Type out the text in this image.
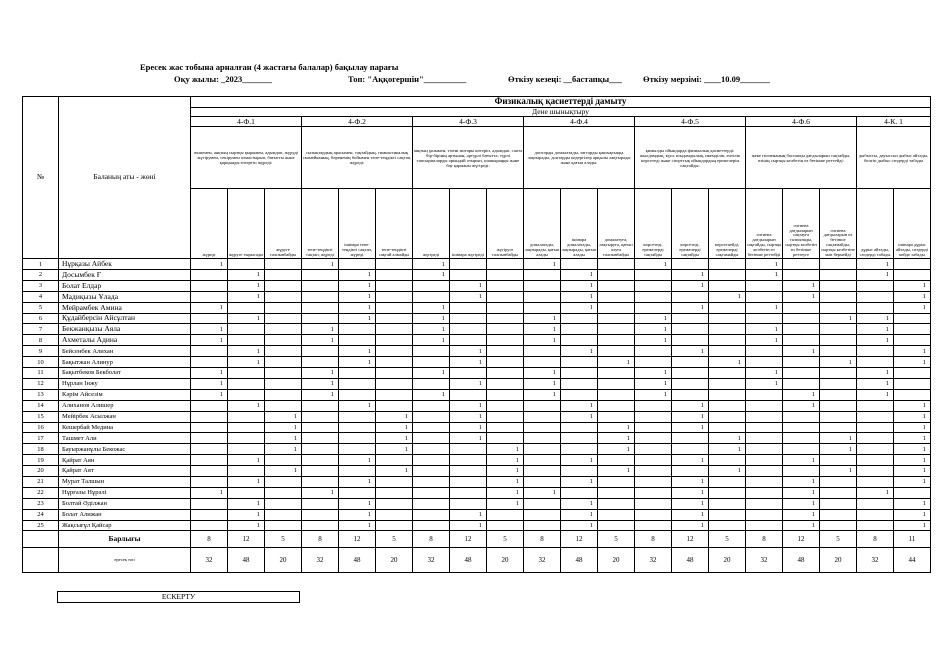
Ересек жас тобына арналған (4 жастағы балалар) бақылау парағы
Оқу жылы: _2023_______	Топ: "Аққогершін"__________	Өткізу кезеңі: __бастапқы___ Өткізу мерзімі: ____10.09_______
№	Баланың аты - жөні	Физикалық қасиеттерді дамыту																			
		Дене шынықтыру																			
		4-Ф.1			4-Ф.2			4-Ф.3			4-Ф.4			4-Ф.5			4-Ф.6			4-К. 1	
		өкшемен, аяқтың сыртқы қырымен, адымдап, жүруді жүгірумен, секірумен алмастырып, бағытты және қарқынды өзгертіп жүреді:			сызықтардың арасымен, тақтайдың, гимнастикалық скамейканың, бөрененің бойымен тепе-теңдікті сақтап, жүреді:			аяқтың ұшымен, тізені жоғары көтеріп, адымдап, сапта бір-бірінің артынан, әртүрлі бағытта, түрлі тапсырмаларды орындай отырып, шашыраңқы және бау қарманы жүгіреді:			доптарды домалатады, заттарды қашықтыққа лақтырады, доптарды кедергілер арқылы лақтырады және қағып алады:			қимылды ойындарда физикалық қасиеттерді: жылдамдық, күш, шыдамдылық, икемділік, ептілік көрсетеді және спорттық ойындардың ережелерін сақтайды:			жеке гигиенаның бастапқы дағдыларын сақтайды, өзінің сыртқы келбетін өз бетінше реттейді:			дыбысты, дауыссыз дыбыс айтады, бөлгіп дыбыс сөздерді табады	
		жүреді	жүруге тырысады	жүруге талпынбайды	тепе-теңдікті сақтап, жүреді	ішінара тепе-теңдікті сақтап, жүреді	тепе-теңдікті сақтай алмайды	жүгіреді	ішінара жүгіреді	жүгіруге талпынбайды	домалатады, лақтырады, қағып алады	ішінара домалатады, лақтырады, қағып алады	домалатуға, лақтыруға, қағып алуға талпынбайды	көрсетеді, ережелерді сақтайды	көрсетеді, ережелерді сақтайды	көрсетпейді, ережелерді сақтамайды	гигиена дағдыларын сақтайды, сыртқы келбетін өз бетінше реттейді	гигиена дағдыларын сақтауға талпынады, сыртқы келбетін өз бетінше реттеуге	гигиена дағдыларын өз бетінше сақтамайды, сыртқы келбетіне мән бермейді	дұрыс айтады, сөздерді табады	ішінара дұрыс айтады, сөздерді кейде табады
1	Нұрқазы Айбек	1			1			1			1			1			1			1	
2	Досымбек Ғ		1			1		1				1			1		1			1	
3	Болат Елдар		1			1			1			1			1			1			1
4	Мадиқызы Ұлада		1			1			1			1				1		1			1
5	Мейрамбек Амина	1				1		1				1			1		1				1
6	Құдайберсін Айсұлтан		1			1		1			1			1					1	1	
7	Бекжанқызы Аяла	1			1			1			1			1			1			1	
8	Ахметалы Адина	1			1			1			1			1			1			1	
9	Бейсенбек Алихан		1			1			1			1			1			1			1
10	Бақытжан Алинур		1			1			1				1			1			1		1
11	Бақытбеков Бекболат	1			1			1			1			1			1			1	
12	Нұрлан Інжу	1			1				1		1			1			1			1	
13	Кәрім Айсезім	1			1			1			1			1				1		1	
14	Алиханов Алишер		1			1			1			1			1			1			1
15	Мейірбек Асылжан			1			1		1			1			1						1
16	Кешербай Медина			1			1		1				1		1						1
17	Ташмет Али			1			1		1				1			1			1		1
18	Бауыржанұлы Бекожас			1			1			1			1			1			1		1
19	Қайрат Аян		1			1				1		1			1			1			1
20	Қайрат Аят			1			1			1			1			1			1		1
21	Мурат Талшын		1			1				1		1			1			1			1
22	Нұрғазы Нұрәлі	1			1					1	1				1			1		1	
23	Болтай Әділжан		1			1				1		1			1			1			1
24	Болат Алижан		1			1			1			1			1			1			1
25	Жақсығұл Қайсар		1			1			1			1			1			1			1
	Барлығы	8	12	5	8	12	5	8	12	5	8	12	5	8	12	5	8	12	5	8	11
	ересек топ	32	48	20	32	48	20	32	48	20	32	48	20	32	48	20	32	48	20	32	44
ЕСКЕРТУ
